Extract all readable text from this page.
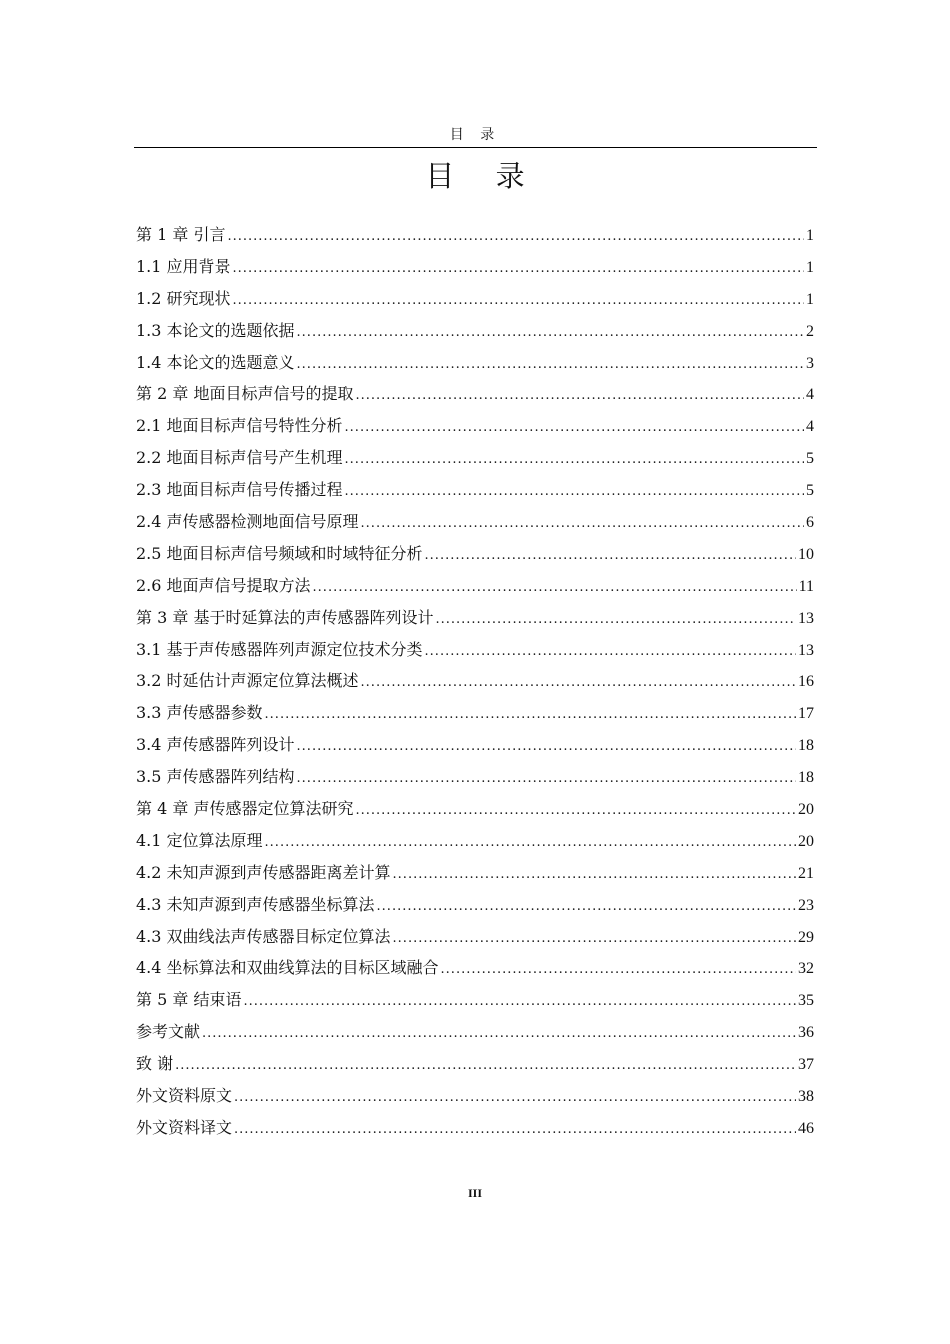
目 录
目 录
第 1 章 引言 .....	1
1.1 应用背景 .....	1
1.2 研究现状 .....	1
1.3 本论文的选题依据 .....	2
1.4 本论文的选题意义 .....	3
第 2 章 地面目标声信号的提取 .....	4
2.1 地面目标声信号特性分析 .....	4
2.2 地面目标声信号产生机理 .....	5
2.3 地面目标声信号传播过程 .....	5
2.4 声传感器检测地面信号原理 .....	6
2.5 地面目标声信号频域和时域特征分析 .....	10
2.6 地面声信号提取方法 .....	11
第 3 章 基于时延算法的声传感器阵列设计 .....	13
3.1 基于声传感器阵列声源定位技术分类 .....	13
3.2 时延估计声源定位算法概述 .....	16
3.3 声传感器参数 .....	17
3.4 声传感器阵列设计 .....	18
3.5 声传感器阵列结构 .....	18
第 4 章 声传感器定位算法研究 .....	20
4.1 定位算法原理 .....	20
4.2 未知声源到声传感器距离差计算 .....	21
4.3 未知声源到声传感器坐标算法 .....	23
4.3 双曲线法声传感器目标定位算法 .....	29
4.4 坐标算法和双曲线算法的目标区域融合 .....	32
第 5 章 结束语 .....	35
参考文献 .....	36
致 谢 .....	37
外文资料原文 .....	38
外文资料译文 .....	46
III
